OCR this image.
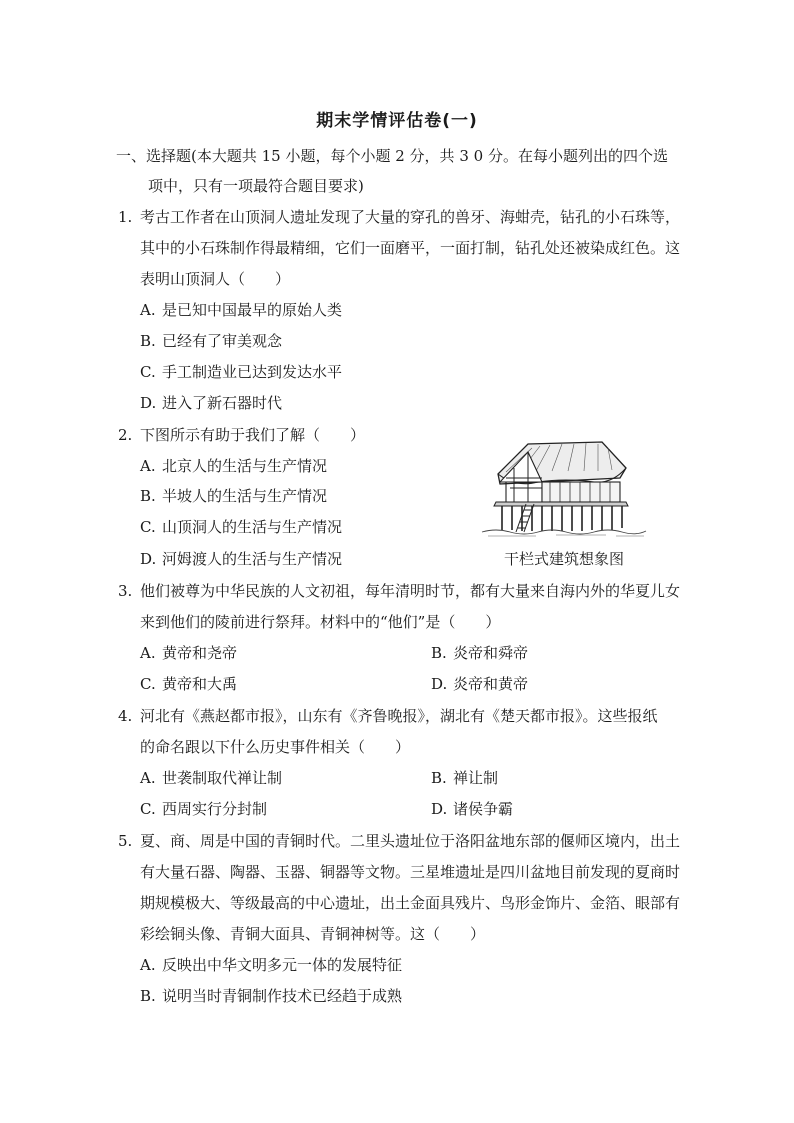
期末学情评估卷(一)
一、选择题(本大题共 15 小题，每个小题 2 分，共 3 0 分。在每小题列出的四个选
项中，只有一项最符合题目要求)
1. 考古工作者在山顶洞人遗址发现了大量的穿孔的兽牙、海蚶壳，钻孔的小石珠等，
其中的小石珠制作得最精细，它们一面磨平，一面打制，钻孔处还被染成红色。这
表明山顶洞人（　　）
A. 是已知中国最早的原始人类
B. 已经有了审美观念
C. 手工制造业已达到发达水平
D. 进入了新石器时代
2. 下图所示有助于我们了解（　　）
A. 北京人的生活与生产情况
B. 半坡人的生活与生产情况
C. 山顶洞人的生活与生产情况
D. 河姆渡人的生活与生产情况	干栏式建筑想象图
3. 他们被尊为中华民族的人文初祖，每年清明时节，都有大量来自海内外的华夏儿女
来到他们的陵前进行祭拜。材料中的“他们”是（　　）
A. 黄帝和尧帝	B. 炎帝和舜帝
C. 黄帝和大禹	D. 炎帝和黄帝
4. 河北有《燕赵都市报》，山东有《齐鲁晚报》，湖北有《楚天都市报》。这些报纸
的命名跟以下什么历史事件相关（　　）
A. 世袭制取代禅让制	B. 禅让制
C. 西周实行分封制	D. 诸侯争霸
5. 夏、商、周是中国的青铜时代。二里头遗址位于洛阳盆地东部的偃师区境内，出土
有大量石器、陶器、玉器、铜器等文物。三星堆遗址是四川盆地目前发现的夏商时
期规模极大、等级最高的中心遗址，出土金面具残片、鸟形金饰片、金箔、眼部有
彩绘铜头像、青铜大面具、青铜神树等。这（　　）
A. 反映出中华文明多元一体的发展特征
B. 说明当时青铜制作技术已经趋于成熟
